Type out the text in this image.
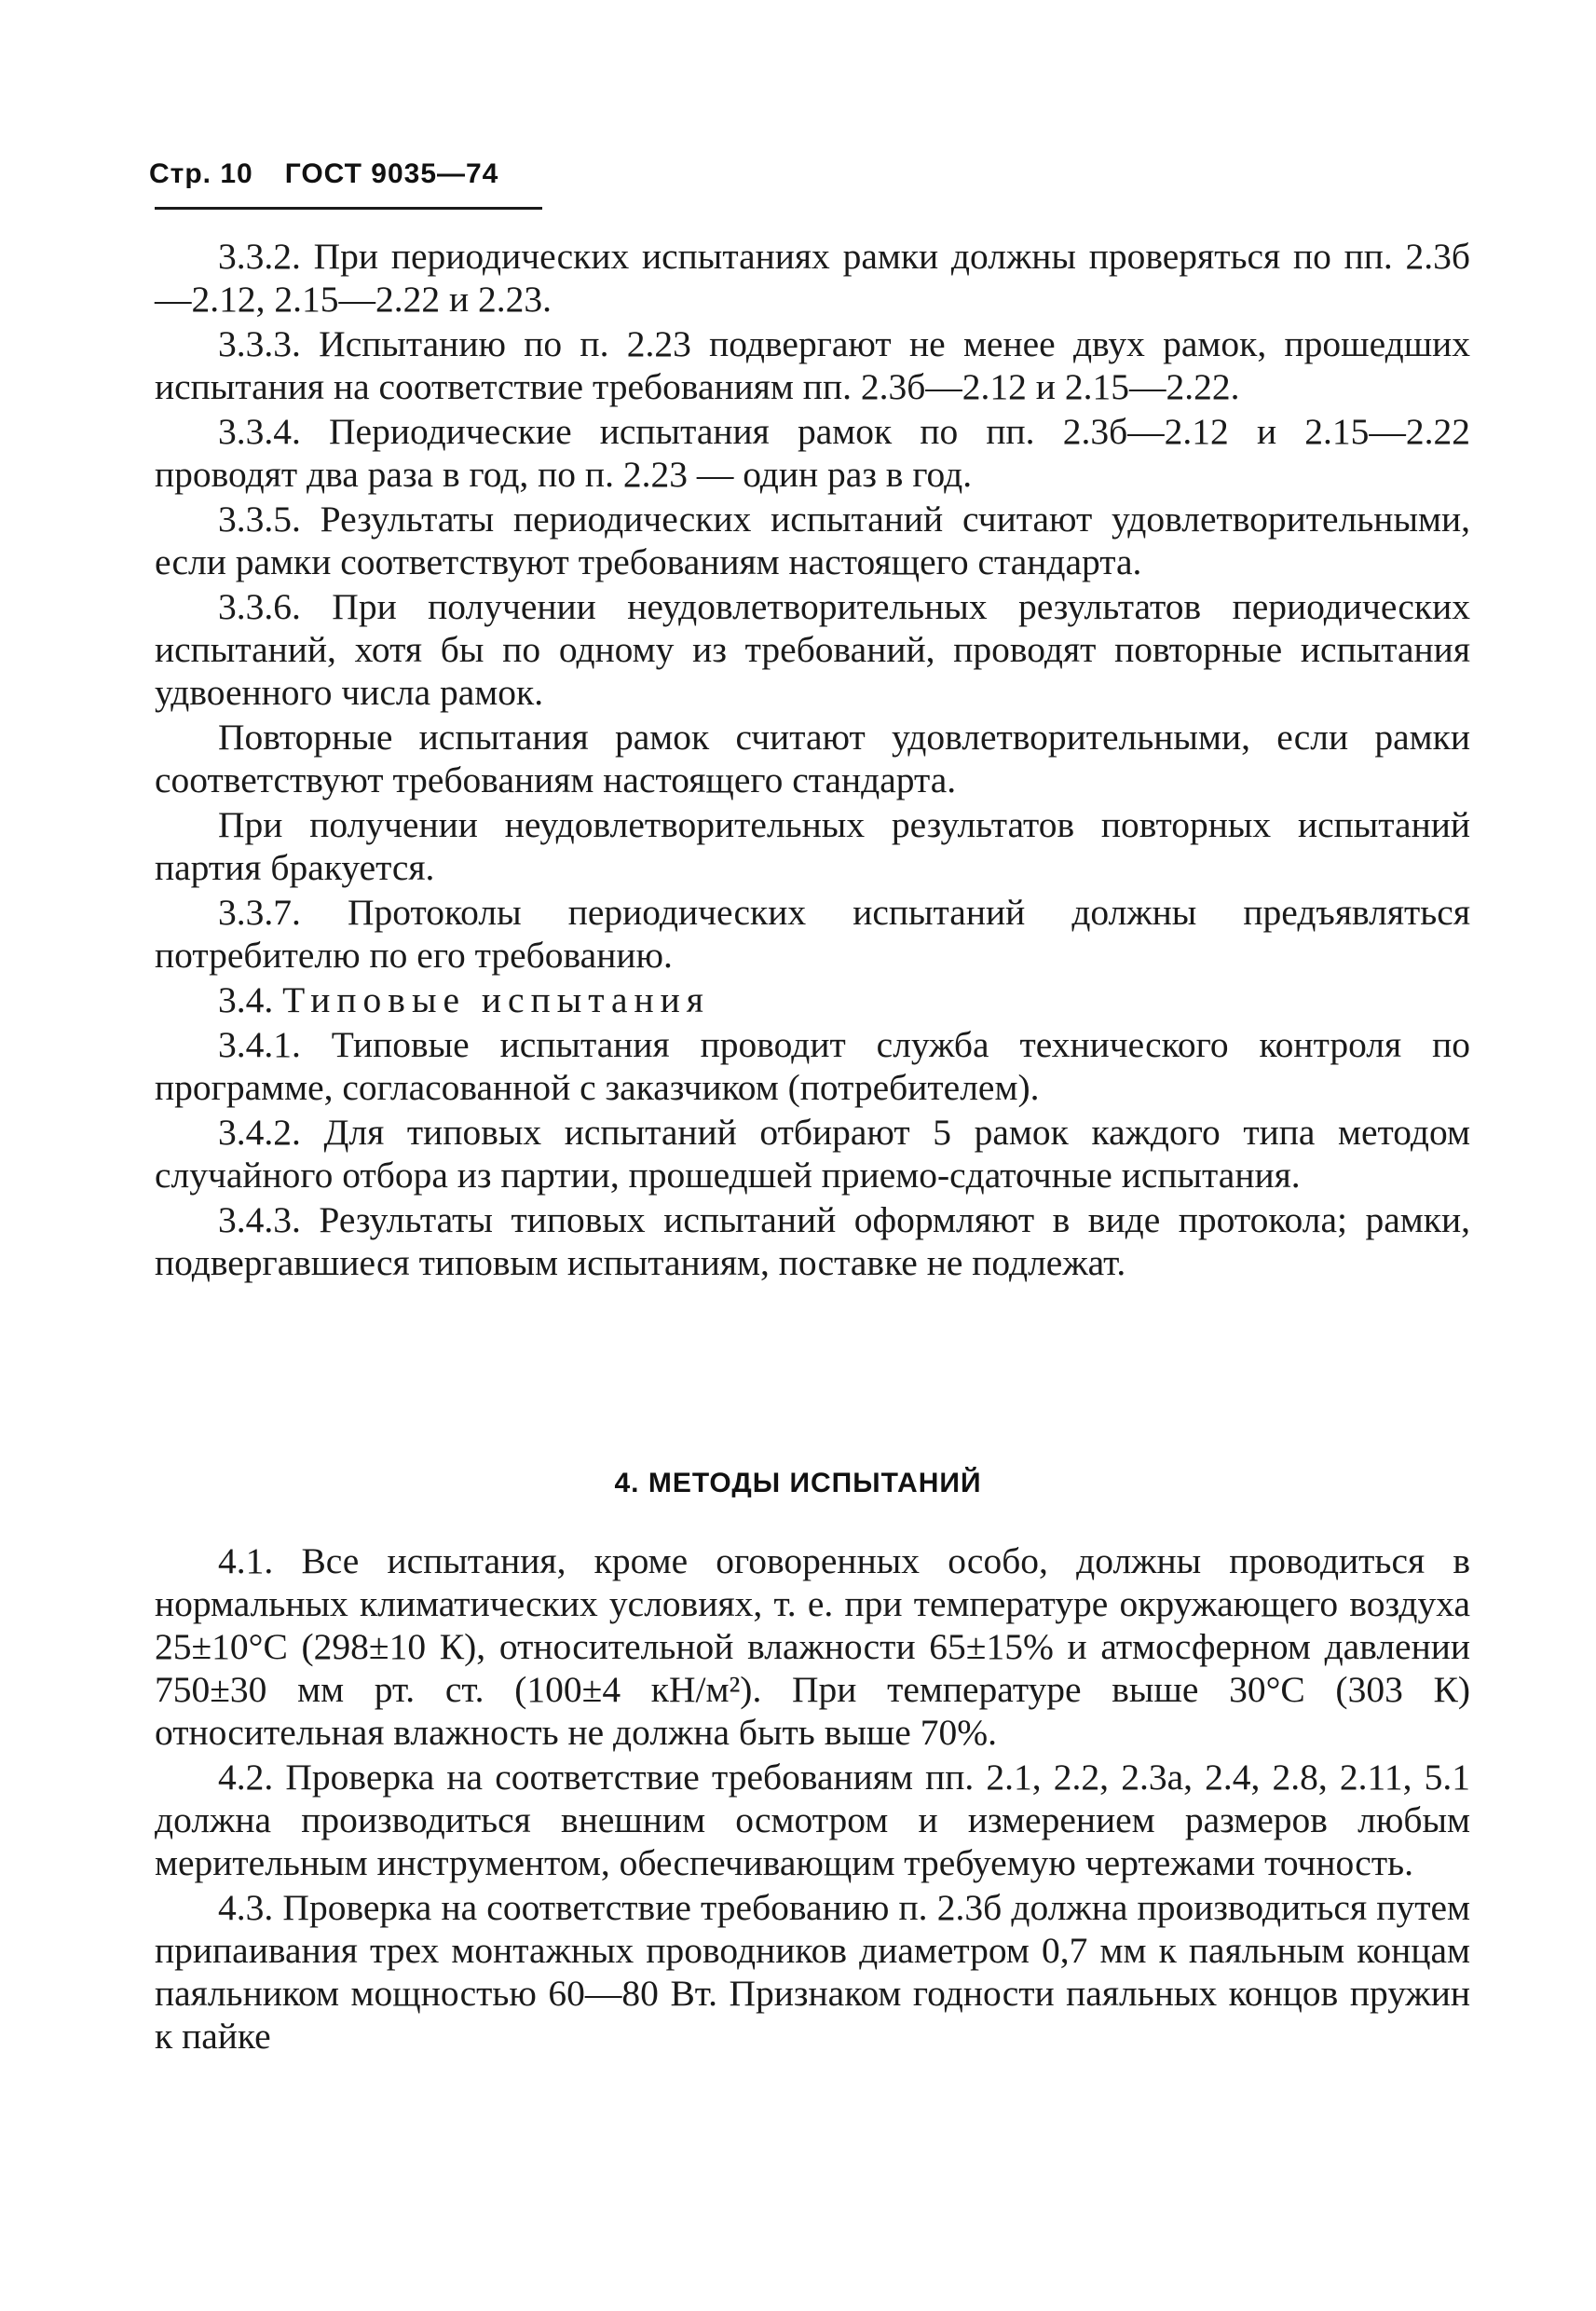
Стр. 10 ГОСТ 9035—74

3.3.2. При периодических испытаниях рамки должны проверяться по пп. 2.3б—2.12, 2.15—2.22 и 2.23.

3.3.3. Испытанию по п. 2.23 подвергают не менее двух рамок, прошедших испытания на соответствие требованиям пп. 2.3б—2.12 и 2.15—2.22.

3.3.4. Периодические испытания рамок по пп. 2.3б—2.12 и 2.15—2.22 проводят два раза в год, по п. 2.23 — один раз в год.

3.3.5. Результаты периодических испытаний считают удовлетворительными, если рамки соответствуют требованиям настоящего стандарта.

3.3.6. При получении неудовлетворительных результатов периодических испытаний, хотя бы по одному из требований, проводят повторные испытания удвоенного числа рамок.

Повторные испытания рамок считают удовлетворительными, если рамки соответствуют требованиям настоящего стандарта.

При получении неудовлетворительных результатов повторных испытаний партия бракуется.

3.3.7. Протоколы периодических испытаний должны предъявляться потребителю по его требованию.

3.4. Типовые испытания

3.4.1. Типовые испытания проводит служба технического контроля по программе, согласованной с заказчиком (потребителем).

3.4.2. Для типовых испытаний отбирают 5 рамок каждого типа методом случайного отбора из партии, прошедшей приемо-сдаточные испытания.

3.4.3. Результаты типовых испытаний оформляют в виде протокола; рамки, подвергавшиеся типовым испытаниям, поставке не подлежат.

4. МЕТОДЫ ИСПЫТАНИЙ

4.1. Все испытания, кроме оговоренных особо, должны проводиться в нормальных климатических условиях, т. е. при температуре окружающего воздуха 25±10°С (298±10 К), относительной влажности 65±15% и атмосферном давлении 750±30 мм рт. ст. (100±4 кН/м²). При температуре выше 30°С (303 К) относительная влажность не должна быть выше 70%.

4.2. Проверка на соответствие требованиям пп. 2.1, 2.2, 2.3а, 2.4, 2.8, 2.11, 5.1 должна производиться внешним осмотром и измерением размеров любым мерительным инструментом, обеспечивающим требуемую чертежами точность.

4.3. Проверка на соответствие требованию п. 2.3б должна производиться путем припаивания трех монтажных проводников диаметром 0,7 мм к паяльным концам паяльником мощностью 60—80 Вт. Признаком годности паяльных концов пружин к пайке
